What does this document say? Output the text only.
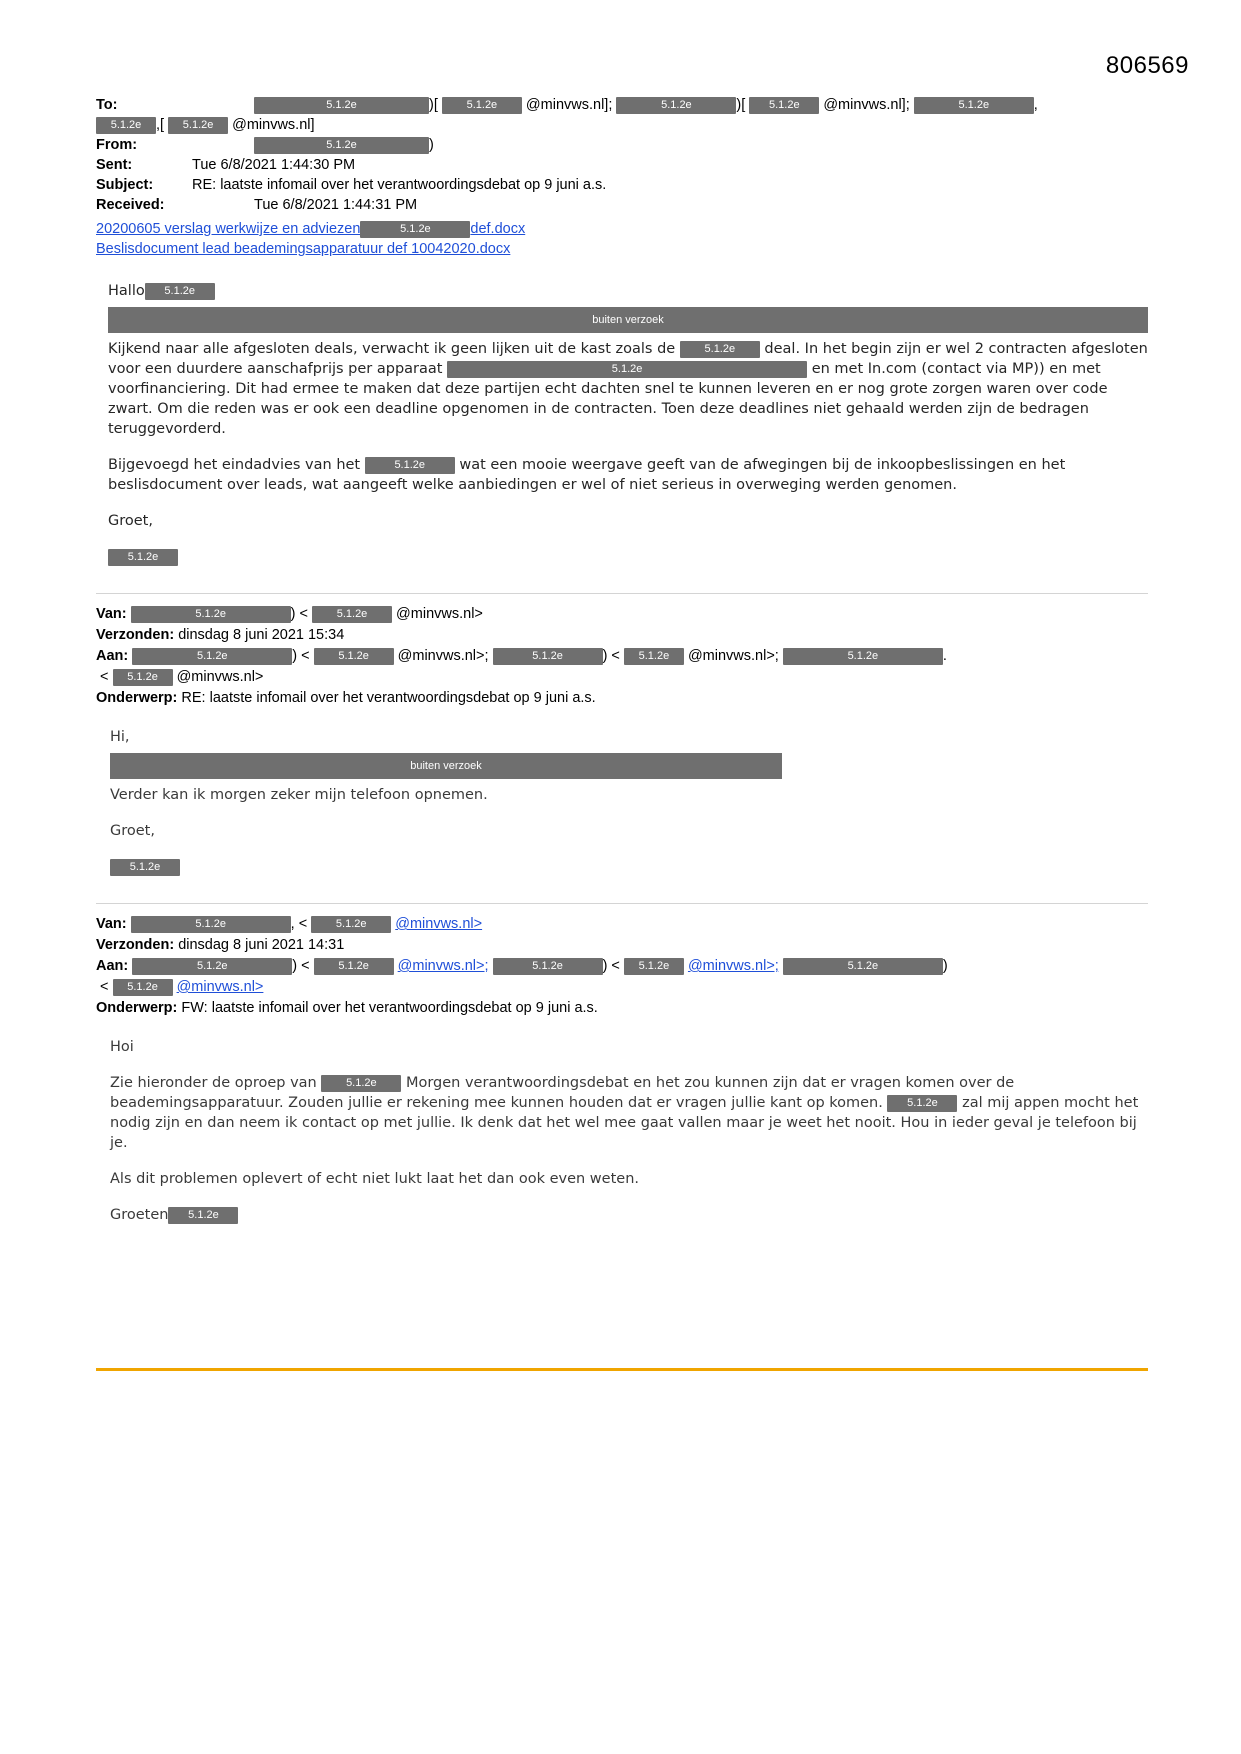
806569
To:	5.1.2e	)[ 5.1.2e @minvws.nl];	5.1.2e	)[ 5.1.2e @minvws.nl];	5.1.2e	,
5.1.2e ,[ 5.1.2e @minvws.nl]
From:	5.1.2e	)
Sent:	Tue 6/8/2021 1:44:30 PM
Subject:	RE: laatste infomail over het verantwoordingsdebat op 9 juni a.s.
Received:	Tue 6/8/2021 1:44:31 PM
20200605 verslag werkwijze en adviezen	5.1.2e	def.docx
Beslisdocument lead beademingsapparatuur def 10042020.docx
Hallo 5.1.2e
buiten verzoek
Kijkend naar alle afgesloten deals, verwacht ik geen lijken uit de kast zoals de	5.1.2e deal. In het begin zijn er wel 2 contracten afgesloten voor een duurdere aanschafprijs per apparaat	5.1.2e	en met In.com (contact via MP)) en met voorfinanciering. Dit had ermee te maken dat deze partijen echt dachten snel te kunnen leveren en er nog grote zorgen waren over code zwart. Om die reden was er ook een deadline opgenomen in de contracten. Toen deze deadlines niet gehaald werden zijn de bedragen teruggevorderd.
Bijgevoegd het eindadvies van het	5.1.2e wat een mooie weergave geeft van de afwegingen bij de inkoopbeslissingen en het beslisdocument over leads, wat aangeeft welke aanbiedingen er wel of niet serieus in overweging werden genomen.
Groet,
5.1.2e
Van:	5.1.2e	) < 5.1.2e @minvws.nl>
Verzonden: dinsdag 8 juni 2021 15:34
Aan:	5.1.2e	) < 5.1.2e @minvws.nl>;	5.1.2e	) < 5.1.2e @minvws.nl>;	5.1.2e	.
< 5.1.2e @minvws.nl>
Onderwerp: RE: laatste infomail over het verantwoordingsdebat op 9 juni a.s.
Hi,
buiten verzoek
Verder kan ik morgen zeker mijn telefoon opnemen.
Groet,
5.1.2e
Van:	5.1.2e	, < 5.1.2e @minvws.nl>
Verzonden: dinsdag 8 juni 2021 14:31
Aan:	5.1.2e	) < 5.1.2e @minvws.nl>;	5.1.2e	) < 5.1.2e @minvws.nl>;	5.1.2e	)
< 5.1.2e @minvws.nl>
Onderwerp: FW: laatste infomail over het verantwoordingsdebat op 9 juni a.s.
Hoi
Zie hieronder de oproep van	5.1.2e Morgen verantwoordingsdebat en het zou kunnen zijn dat er vragen komen over de beademingsapparatuur. Zouden jullie er rekening mee kunnen houden dat er vragen jullie kant op komen. 5.1.2e zal mij appen mocht het nodig zijn en dan neem ik contact op met jullie. Ik denk dat het wel mee gaat vallen maar je weet het nooit. Hou in ieder geval je telefoon bij je.
Als dit problemen oplevert of echt niet lukt laat het dan ook even weten.
Groeten 5.1.2e
